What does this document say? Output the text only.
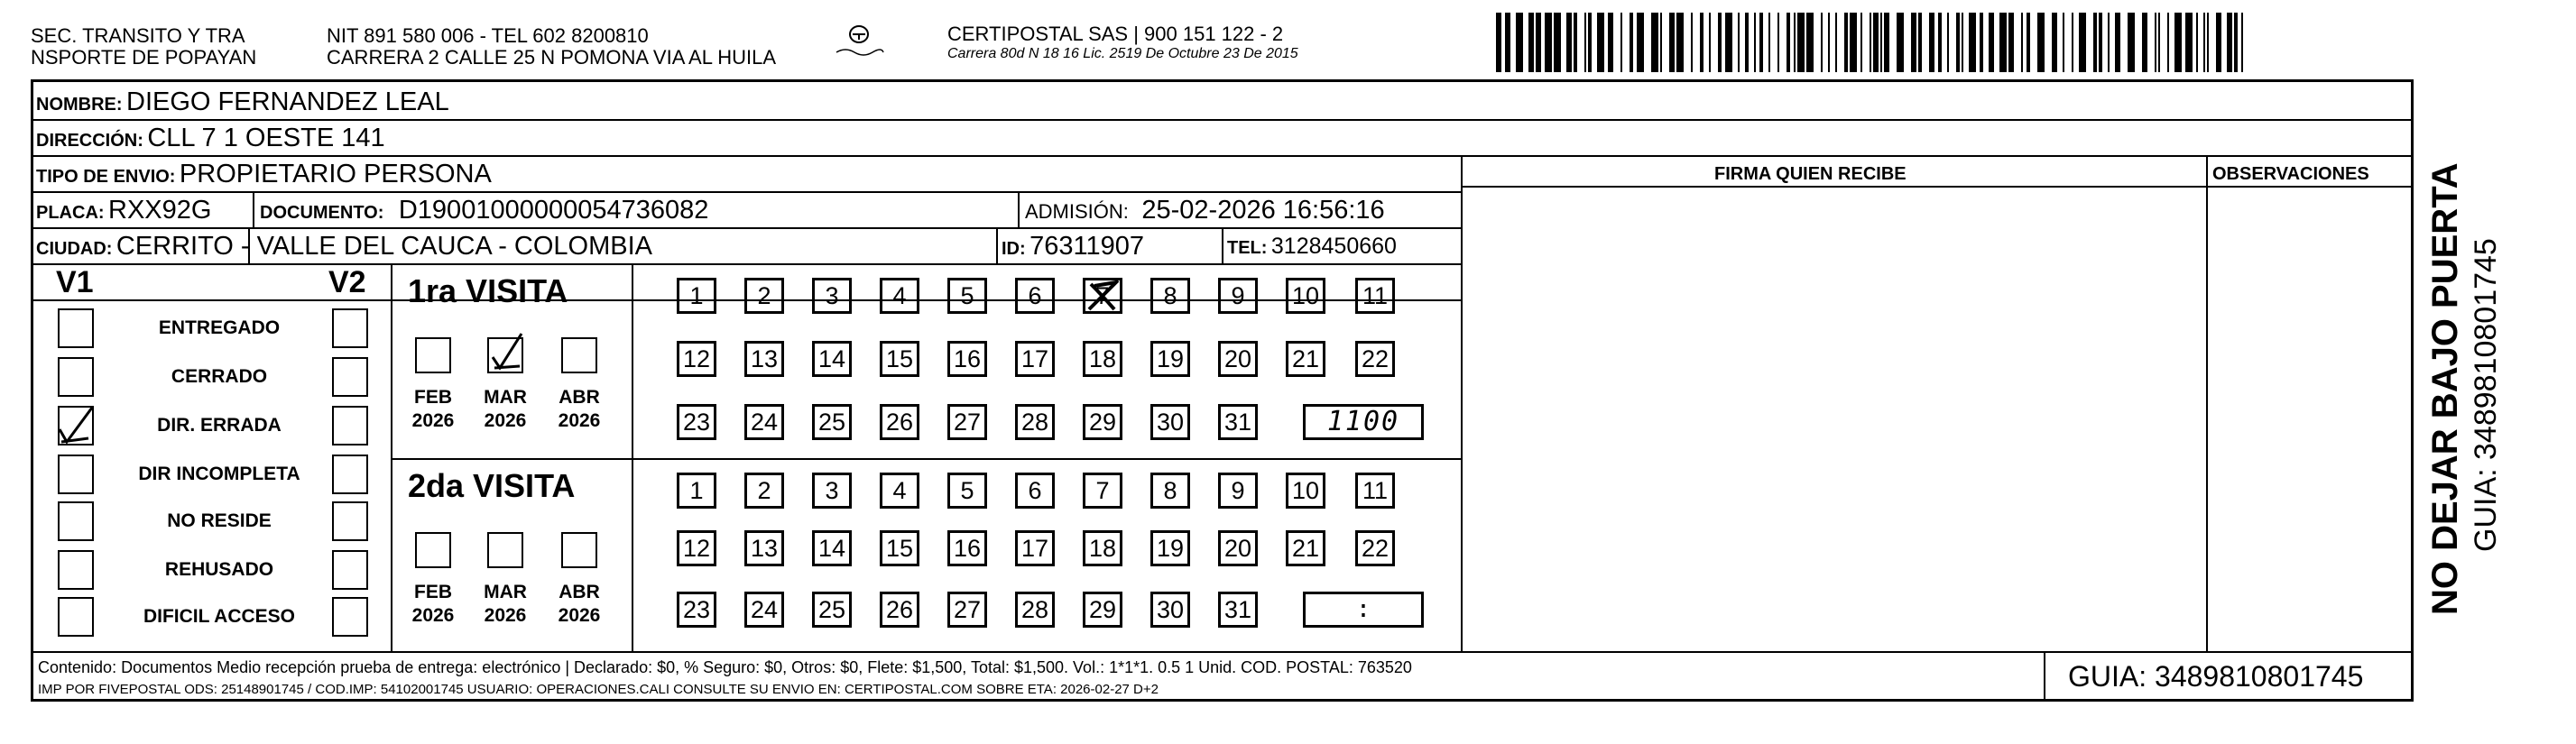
SEC. TRANSITO Y TRA
NSPORTE DE POPAYAN
NIT 891 580 006 - TEL 602 8200810
CARRERA 2 CALLE 25 N POMONA VIA AL HUILA
CERTIPOSTAL SAS | 900 151 122 - 2
Carrera 80d N 18 16 Lic. 2519 De Octubre 23 De 2015
NOMBRE: DIEGO FERNANDEZ LEAL
DIRECCIÓN: CLL 7 1 OESTE 141
TIPO DE ENVIO: PROPIETARIO PERSONA	FIRMA QUIEN RECIBE	OBSERVACIONES
PLACA: RXX92G	DOCUMENTO: D19001000000054736082	ADMISIÓN: 25-02-2026 16:56:16
CIUDAD: CERRITO - VALLE DEL CAUCA - COLOMBIA	ID: 76311907	TEL: 3128450660
V1	V2
ENTREGADO
CERRADO
DIR. ERRADA
DIR INCOMPLETA
NO RESIDE
REHUSADO
DIFICIL ACCESO
1ra VISITA
FEB
2026
MAR
2026
ABR
2026
1	2	3	4	5	6	7	8	9	10 11
12 13 14 15 16 17 18 19 20 21 22
23 24 25 26 27 28 29 30 31	1100
2da VISITA
FEB
2026
MAR
2026
ABR
2026
1	2	3	4	5	6	7	8	9	10 11
12 13 14 15 16 17 18 19 20 21 22
23 24 25 26 27 28 29 30 31	:
Contenido: Documentos Medio recepción prueba de entrega: electrónico | Declarado: $0, % Seguro: $0, Otros: $0, Flete: $1,500, Total: $1,500. Vol.: 1*1*1. 0.5 1 Unid. COD. POSTAL: 763520
IMP POR FIVEPOSTAL ODS: 25148901745 / COD.IMP: 54102001745 USUARIO: OPERACIONES.CALI CONSULTE SU ENVIO EN: CERTIPOSTAL.COM SOBRE ETA: 2026-02-27 D+2	GUIA: 3489810801745
NO DEJAR BAJO PUERTA GUIA: 3489810801745
